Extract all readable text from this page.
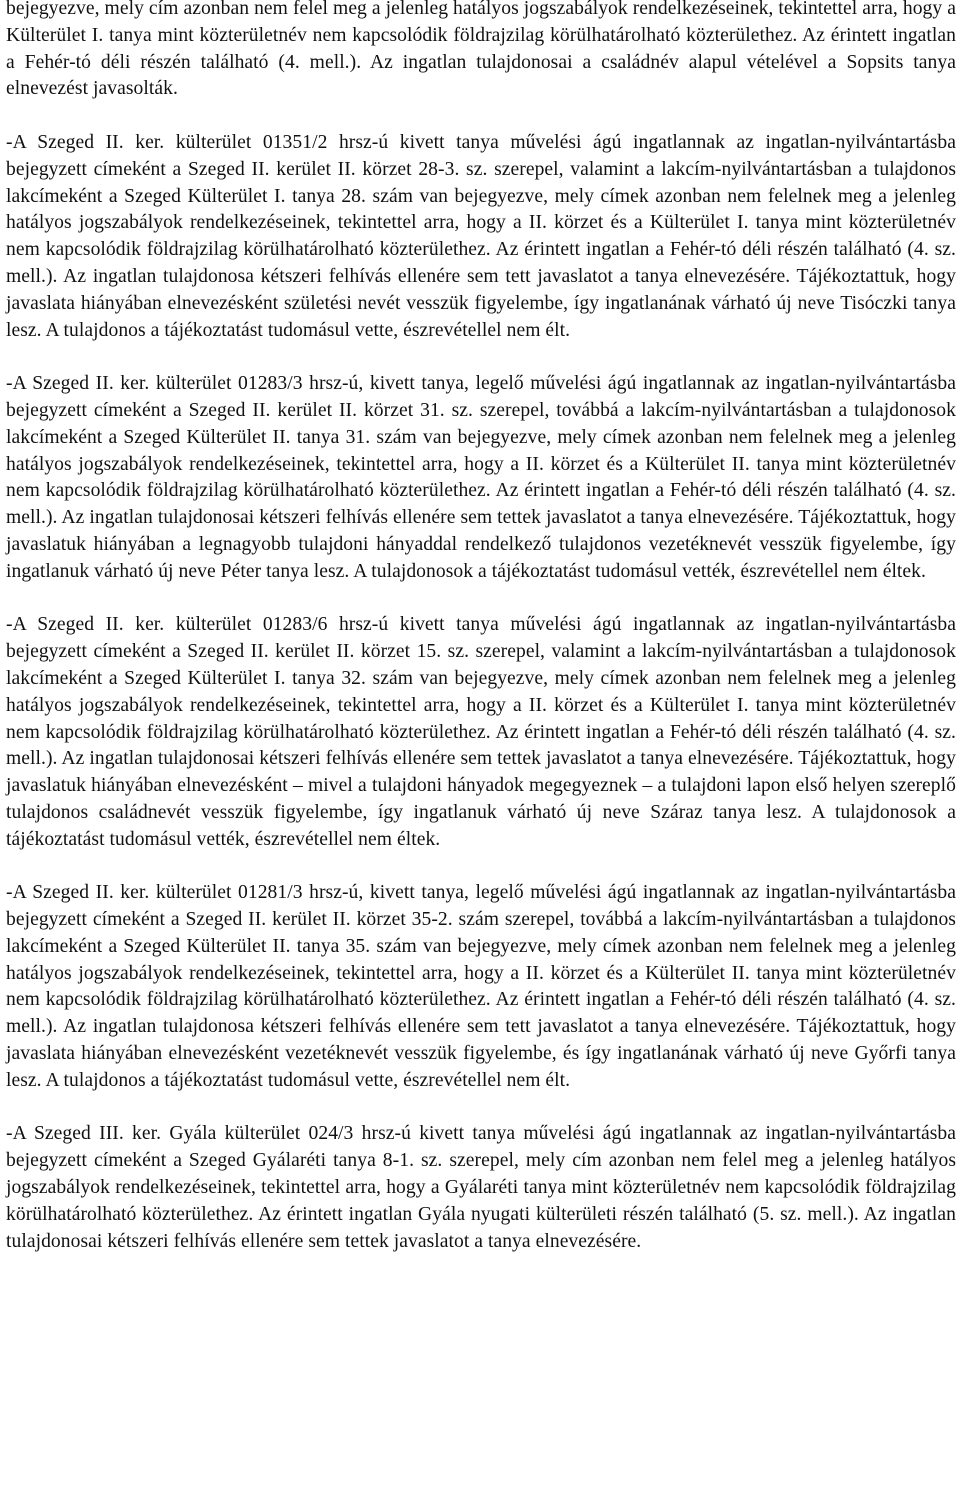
bejegyezve, mely cím azonban nem felel meg a jelenleg hatályos jogszabályok rendelkezéseinek, tekintettel arra, hogy a Külterület I. tanya mint közterületnév nem kapcsolódik földrajzilag körülhatárolható közterülethez. Az érintett ingatlan a Fehér-tó déli részén található (4. mell.). Az ingatlan tulajdonosai a családnév alapul vételével a Sopsits tanya elnevezést javasolták.

-A Szeged II. ker. külterület 01351/2 hrsz-ú kivett tanya művelési ágú ingatlannak az ingatlan-nyilvántartásba bejegyzett címeként a Szeged II. kerület II. körzet 28-3. sz. szerepel, valamint a lakcím-nyilvántartásban a tulajdonos lakcímeként a Szeged Külterület I. tanya 28. szám van bejegyezve, mely címek azonban nem felelnek meg a jelenleg hatályos jogszabályok rendelkezéseinek, tekintettel arra, hogy a II. körzet és a Külterület I. tanya mint közterületnév nem kapcsolódik földrajzilag körülhatárolható közterülethez. Az érintett ingatlan a Fehér-tó déli részén található (4. sz. mell.). Az ingatlan tulajdonosa kétszeri felhívás ellenére sem tett javaslatot a tanya elnevezésére. Tájékoztattuk, hogy javaslata hiányában elnevezésként születési nevét vesszük figyelembe, így ingatlanának várható új neve Tisóczki tanya lesz. A tulajdonos a tájékoztatást tudomásul vette, észrevétellel nem élt.

-A Szeged II. ker. külterület 01283/3 hrsz-ú, kivett tanya, legelő művelési ágú ingatlannak az ingatlan-nyilvántartásba bejegyzett címeként a Szeged II. kerület II. körzet 31. sz. szerepel, továbbá a lakcím-nyilvántartásban a tulajdonosok lakcímeként a Szeged Külterület II. tanya 31. szám van bejegyezve, mely címek azonban nem felelnek meg a jelenleg hatályos jogszabályok rendelkezéseinek, tekintettel arra, hogy a II. körzet és a Külterület II. tanya mint közterületnév nem kapcsolódik földrajzilag körülhatárolható közterülethez. Az érintett ingatlan a Fehér-tó déli részén található (4. sz. mell.). Az ingatlan tulajdonosai kétszeri felhívás ellenére sem tettek javaslatot a tanya elnevezésére. Tájékoztattuk, hogy javaslatuk hiányában a legnagyobb tulajdoni hányaddal rendelkező tulajdonos vezetéknevét vesszük figyelembe, így ingatlanuk várható új neve Péter tanya lesz. A tulajdonosok a tájékoztatást tudomásul vették, észrevétellel nem éltek.

-A Szeged II. ker. külterület 01283/6 hrsz-ú kivett tanya művelési ágú ingatlannak az ingatlan-nyilvántartásba bejegyzett címeként a Szeged II. kerület II. körzet 15. sz. szerepel, valamint a lakcím-nyilvántartásban a tulajdonosok lakcímeként a Szeged Külterület I. tanya 32. szám van bejegyezve, mely címek azonban nem felelnek meg a jelenleg hatályos jogszabályok rendelkezéseinek, tekintettel arra, hogy a II. körzet és a Külterület I. tanya mint közterületnév nem kapcsolódik földrajzilag körülhatárolható közterülethez. Az érintett ingatlan a Fehér-tó déli részén található (4. sz. mell.). Az ingatlan tulajdonosai kétszeri felhívás ellenére sem tettek javaslatot a tanya elnevezésére. Tájékoztattuk, hogy javaslatuk hiányában elnevezésként – mivel a tulajdoni hányadok megegyeznek – a tulajdoni lapon első helyen szereplő tulajdonos családnevét vesszük figyelembe, így ingatlanuk várható új neve Száraz tanya lesz. A tulajdonosok a tájékoztatást tudomásul vették, észrevétellel nem éltek.

-A Szeged II. ker. külterület 01281/3 hrsz-ú, kivett tanya, legelő művelési ágú ingatlannak az ingatlan-nyilvántartásba bejegyzett címeként a Szeged II. kerület II. körzet 35-2. szám szerepel, továbbá a lakcím-nyilvántartásban a tulajdonos lakcímeként a Szeged Külterület II. tanya 35. szám van bejegyezve, mely címek azonban nem felelnek meg a jelenleg hatályos jogszabályok rendelkezéseinek, tekintettel arra, hogy a II. körzet és a Külterület II. tanya mint közterületnév nem kapcsolódik földrajzilag körülhatárolható közterülethez. Az érintett ingatlan a Fehér-tó déli részén található (4. sz. mell.). Az ingatlan tulajdonosa kétszeri felhívás ellenére sem tett javaslatot a tanya elnevezésére. Tájékoztattuk, hogy javaslata hiányában elnevezésként vezetéknevét vesszük figyelembe, és így ingatlanának várható új neve Győrfi tanya lesz. A tulajdonos a tájékoztatást tudomásul vette, észrevétellel nem élt.

-A Szeged III. ker. Gyála külterület 024/3 hrsz-ú kivett tanya művelési ágú ingatlannak az ingatlan-nyilvántartásba bejegyzett címeként a Szeged Gyálaréti tanya 8-1. sz. szerepel, mely cím azonban nem felel meg a jelenleg hatályos jogszabályok rendelkezéseinek, tekintettel arra, hogy a Gyálaréti tanya mint közterületnév nem kapcsolódik földrajzilag körülhatárolható közterülethez. Az érintett ingatlan Gyála nyugati külterületi részén található (5. sz. mell.). Az ingatlan tulajdonosai kétszeri felhívás ellenére sem tettek javaslatot a tanya elnevezésére.
